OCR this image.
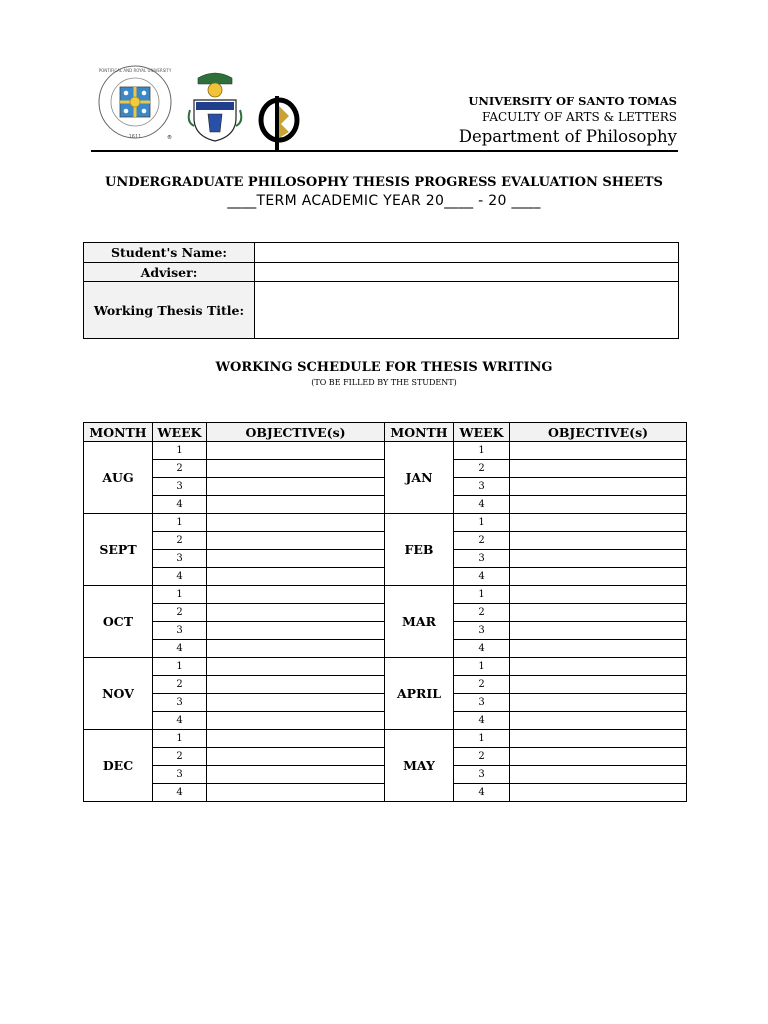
PONTIFICAL AND ROYAL UNIVERSITY
1611	®
UNIVERSITY OF SANTO TOMAS
FACULTY OF ARTS & LETTERS
Department of Philosophy
UNDERGRADUATE PHILOSOPHY THESIS PROGRESS EVALUATION SHEETS
____TERM ACADEMIC YEAR 20____ - 20 ____
Student's Name:	
Adviser:	
Working Thesis Title:	
WORKING SCHEDULE FOR THESIS WRITING
(TO BE FILLED BY THE STUDENT)
MONTH	WEEK	OBJECTIVE(s)	MONTH	WEEK	OBJECTIVE(s)
AUG	1		JAN	1	
	2			2	
	3			3	
	4			4	
SEPT	1		FEB	1	
	2			2	
	3			3	
	4			4	
OCT	1		MAR	1	
	2			2	
	3			3	
	4			4	
NOV	1		APRIL	1	
	2			2	
	3			3	
	4			4	
DEC	1		MAY	1	
	2			2	
	3			3	
	4			4	
